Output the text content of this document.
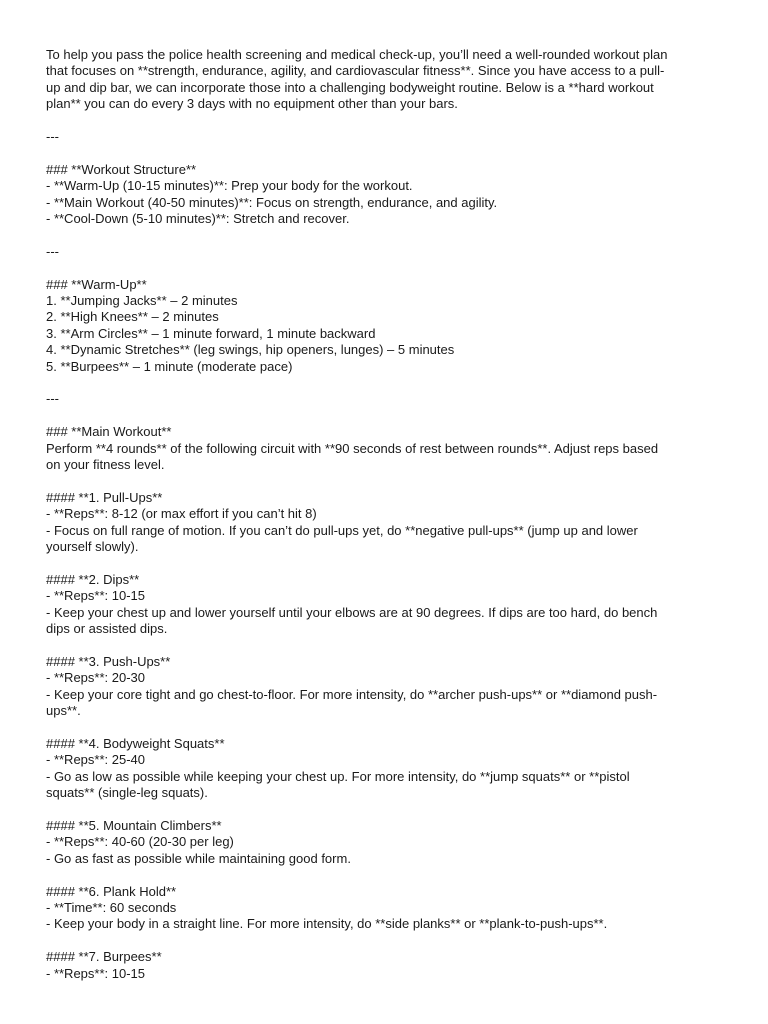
To help you pass the police health screening and medical check-up, you’ll need a well-rounded workout plan
that focuses on **strength, endurance, agility, and cardiovascular fitness**. Since you have access to a pull-
up and dip bar, we can incorporate those into a challenging bodyweight routine. Below is a **hard workout
plan** you can do every 3 days with no equipment other than your bars.
---
### **Workout Structure**
- **Warm-Up (10-15 minutes)**: Prep your body for the workout.
- **Main Workout (40-50 minutes)**: Focus on strength, endurance, and agility.
- **Cool-Down (5-10 minutes)**: Stretch and recover.
---
### **Warm-Up**
1. **Jumping Jacks** – 2 minutes
2. **High Knees** – 2 minutes
3. **Arm Circles** – 1 minute forward, 1 minute backward
4. **Dynamic Stretches** (leg swings, hip openers, lunges) – 5 minutes
5. **Burpees** – 1 minute (moderate pace)
---
### **Main Workout**
Perform **4 rounds** of the following circuit with **90 seconds of rest between rounds**. Adjust reps based
on your fitness level.
#### **1. Pull-Ups**
- **Reps**: 8-12 (or max effort if you can’t hit 8)
- Focus on full range of motion. If you can’t do pull-ups yet, do **negative pull-ups** (jump up and lower
yourself slowly).
#### **2. Dips**
- **Reps**: 10-15
- Keep your chest up and lower yourself until your elbows are at 90 degrees. If dips are too hard, do bench
dips or assisted dips.
#### **3. Push-Ups**
- **Reps**: 20-30
- Keep your core tight and go chest-to-floor. For more intensity, do **archer push-ups** or **diamond push-
ups**.
#### **4. Bodyweight Squats**
- **Reps**: 25-40
- Go as low as possible while keeping your chest up. For more intensity, do **jump squats** or **pistol
squats** (single-leg squats).
#### **5. Mountain Climbers**
- **Reps**: 40-60 (20-30 per leg)
- Go as fast as possible while maintaining good form.
#### **6. Plank Hold**
- **Time**: 60 seconds
- Keep your body in a straight line. For more intensity, do **side planks** or **plank-to-push-ups**.
#### **7. Burpees**
- **Reps**: 10-15
